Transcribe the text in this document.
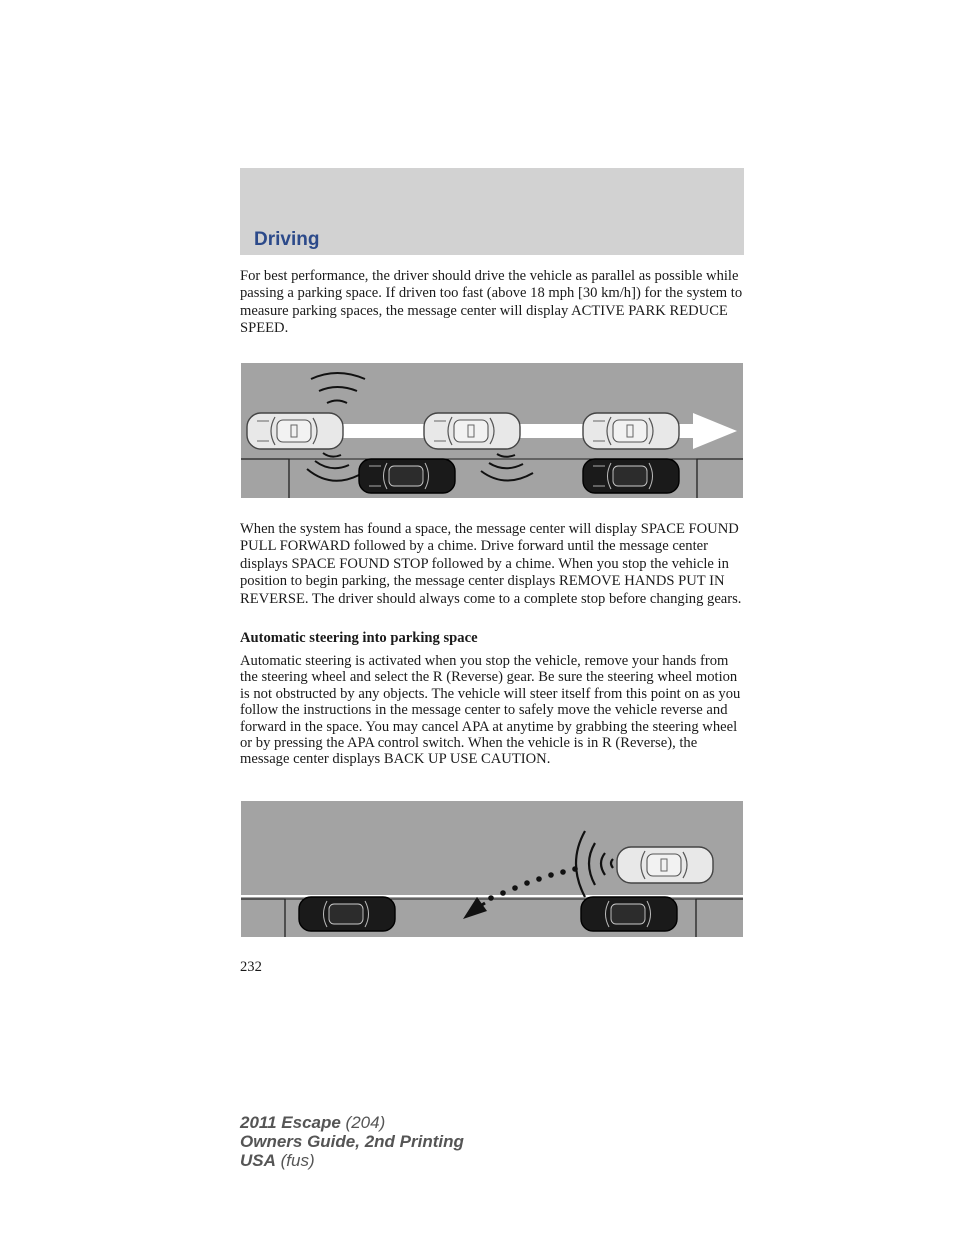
Driving

For best performance, the driver should drive the vehicle as parallel as possible while passing a parking space. If driven too fast (above 18 mph [30 km/h]) for the system to measure parking spaces, the message center will display ACTIVE PARK REDUCE SPEED.

When the system has found a space, the message center will display SPACE FOUND PULL FORWARD followed by a chime. Drive forward until the message center displays SPACE FOUND STOP followed by a chime. When you stop the vehicle in position to begin parking, the message center displays REMOVE HANDS PUT IN REVERSE. The driver should always come to a complete stop before changing gears.

Automatic steering into parking space

Automatic steering is activated when you stop the vehicle, remove your hands from the steering wheel and select the R (Reverse) gear. Be sure the steering wheel motion is not obstructed by any objects. The vehicle will steer itself from this point on as you follow the instructions in the message center to safely move the vehicle reverse and forward in the space. You may cancel APA at anytime by grabbing the steering wheel or by pressing the APA control switch. When the vehicle is in R (Reverse), the message center displays BACK UP USE CAUTION.

232

2011 Escape (204)
Owners Guide, 2nd Printing
USA (fus)
